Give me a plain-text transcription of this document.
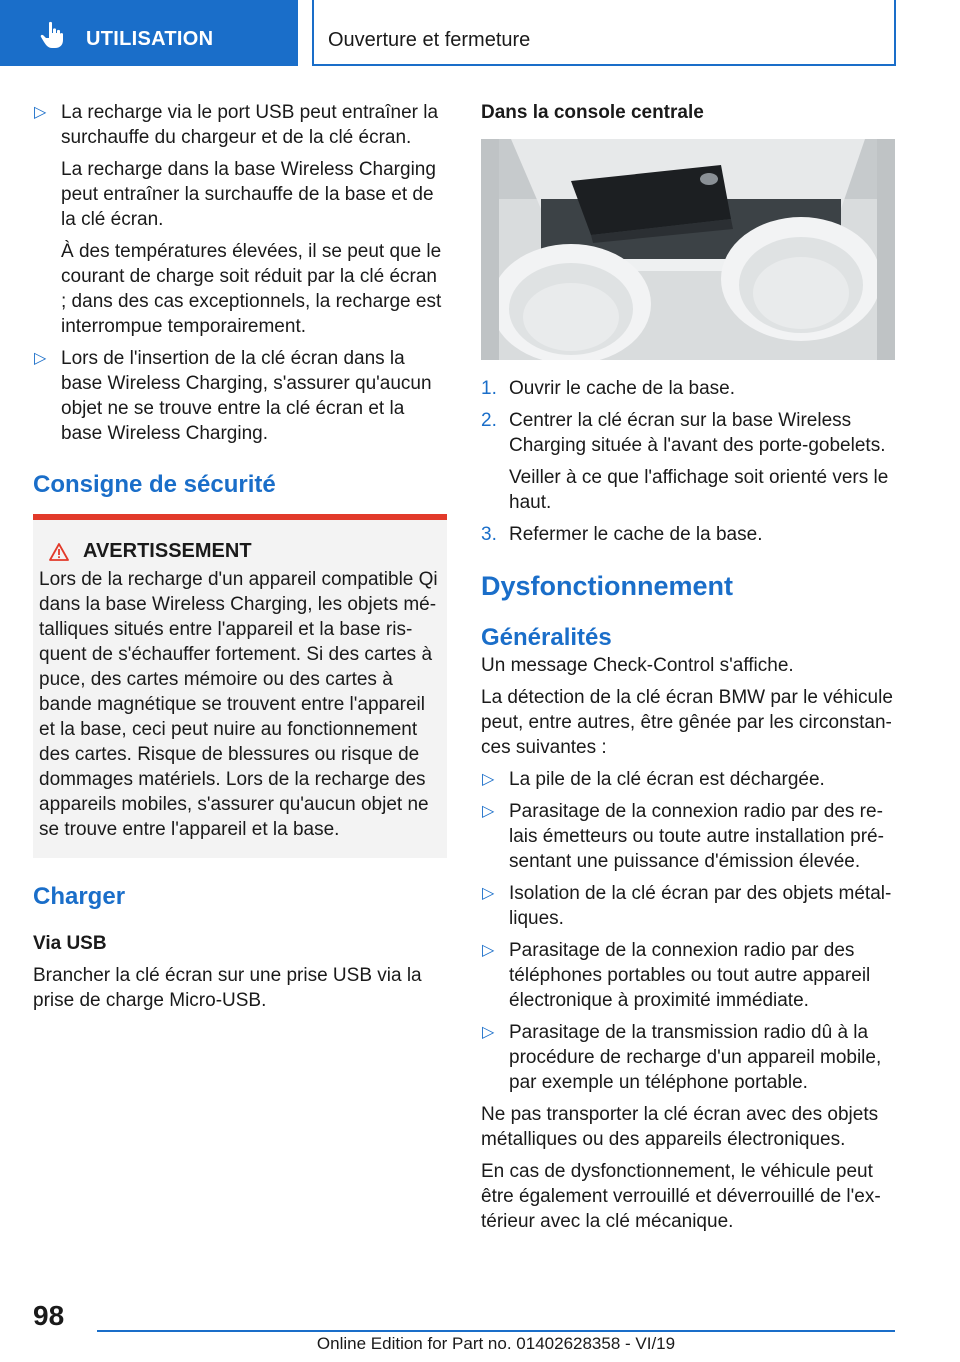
UTILISATION	Ouverture et fermeture
▷ La recharge via le port USB peut entraîner la surchauffe du chargeur et de la clé écran.

La recharge dans la base Wireless Charging peut entraîner la surchauffe de la base et de la clé écran.

À des températures élevées, il se peut que le courant de charge soit réduit par la clé écran ; dans des cas exceptionnels, la recharge est interrompue temporairement.

▷ Lors de l'insertion de la clé écran dans la base Wireless Charging, s'assurer qu'aucun objet ne se trouve entre la clé écran et la base Wireless Charging.

Consigne de sécurité
AVERTISSEMENT

Lors de la recharge d'un appareil compatible Qi dans la base Wireless Charging, les objets métalliques situés entre l'appareil et la base risquent de s'échauffer fortement. Si des cartes à puce, des cartes mémoire ou des cartes à bande magnétique se trouvent entre l'appareil et la base, ceci peut nuire au fonctionnement des cartes. Risque de blessures ou risque de dommages matériels. Lors de la recharge des appareils mobiles, s'assurer qu'aucun objet ne se trouve entre l'appareil et la base.

Charger
Via USB

Brancher la clé écran sur une prise USB via la prise de charge Micro-USB.

Dans la console centrale
1. Ouvrir le cache de la base.

2. Centrer la clé écran sur la base Wireless Charging située à l'avant des porte-gobelets.

Veiller à ce que l'affichage soit orienté vers le haut.

3. Refermer le cache de la base.

Dysfonctionnement
Généralités

Un message Check-Control s'affiche.

La détection de la clé écran BMW par le véhicule peut, entre autres, être gênée par les circonstances suivantes :

▷ La pile de la clé écran est déchargée.

▷ Parasitage de la connexion radio par des relais émetteurs ou toute autre installation présentant une puissance d'émission élevée.

▷ Isolation de la clé écran par des objets métalliques.

▷ Parasitage de la connexion radio par des téléphones portables ou tout autre appareil électronique à proximité immédiate.

▷ Parasitage de la transmission radio dû à la procédure de recharge d'un appareil mobile, par exemple un téléphone portable.

Ne pas transporter la clé écran avec des objets métalliques ou des appareils électroniques.

En cas de dysfonctionnement, le véhicule peut être également verrouillé et déverrouillé de l'extérieur avec la clé mécanique.

98
Online Edition for Part no. 01402628358 - VI/19
